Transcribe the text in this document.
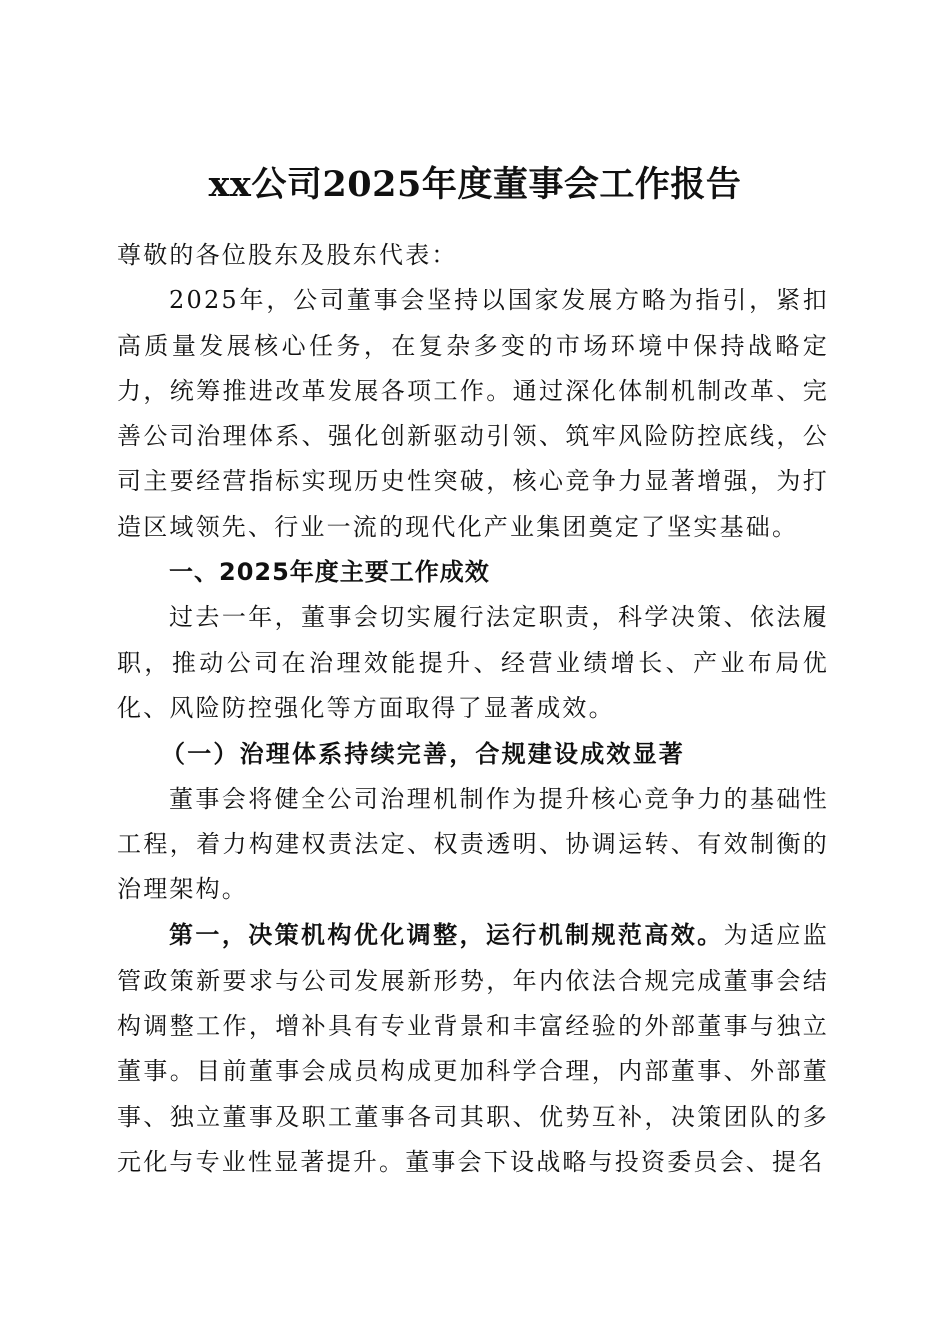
xx公司2025年度董事会工作报告

尊敬的各位股东及股东代表：

2025年，公司董事会坚持以国家发展方略为指引，紧扣高质量发展核心任务，在复杂多变的市场环境中保持战略定力，统筹推进改革发展各项工作。通过深化体制机制改革、完善公司治理体系、强化创新驱动引领、筑牢风险防控底线，公司主要经营指标实现历史性突破，核心竞争力显著增强，为打造区域领先、行业一流的现代化产业集团奠定了坚实基础。

一、2025年度主要工作成效

过去一年，董事会切实履行法定职责，科学决策、依法履职，推动公司在治理效能提升、经营业绩增长、产业布局优化、风险防控强化等方面取得了显著成效。

（一）治理体系持续完善，合规建设成效显著

董事会将健全公司治理机制作为提升核心竞争力的基础性工程，着力构建权责法定、权责透明、协调运转、有效制衡的治理架构。

第一，决策机构优化调整，运行机制规范高效。为适应监管政策新要求与公司发展新形势，年内依法合规完成董事会结构调整工作，增补具有专业背景和丰富经验的外部董事与独立董事。目前董事会成员构成更加科学合理，内部董事、外部董事、独立董事及职工董事各司其职、优势互补，决策团队的多元化与专业性显著提升。董事会下设战略与投资委员会、提名
